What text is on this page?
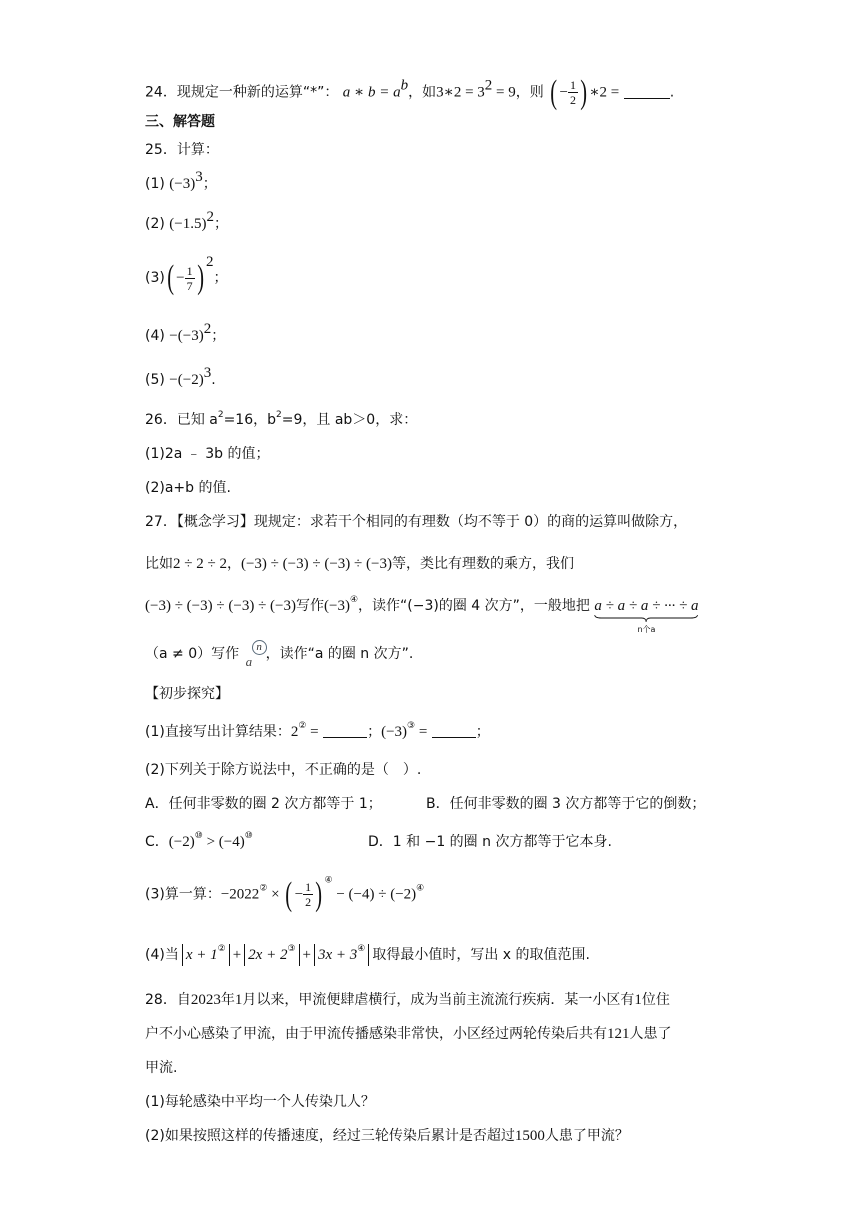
24．现规定一种新的运算“*”： a ∗ $b = a^b$，如3∗2 = $3^2 = 9$，则 ( − $\frac{1}{2}$ ) ∗2 =	.
三、解答题
25．计算：
(1) $(-3)^3$；
(2) $(-1.5)^2$；
$(3)( - \frac{1}{7}$ ) $^2$；
$(4) -(-3)^2$；
$(5) -(-2)^3$.
26．已知 $a^2=16$，$b^2=9$，且 ab＞0，求：
(1)2a ﹣ 3b 的值；
(2)a+b 的值.
27．【概念学习】现规定：求若干个相同的有理数（均不等于 0）的商的运算叫做除方，
比如2 ÷ 2 ÷ 2，(−3) ÷ (−3) ÷ (−3) ÷ (−3)等，类比有理数的乘方，我们
(−3) ÷ (−3) ÷ (−3) ÷ (−3)写作(−3)④，读作“(−3)的圈 4 次方”，一般地把 a ÷ a ÷ a ÷ ··· ÷ a
n个a
（a ≠ 0）写作 a
n ，读作“a 的圈 n 次方”.
【初步探究】
(1)直接写出计算结果：2② =	；(−3)③ =	；
(2)下列关于除方说法中，不正确的是（　）.
A．任何非零数的圈 2 次方都等于 1；	B．任何非零数的圈 3 次方都等于它的倒数；
C．(−2)⑩ > (−4)⑩	D．1 和 −1 的圈 n 次方都等于它本身.
(3)算一算：−2022② × ( − $\frac{1}{2}$ ) ④ − (−4) ÷ (−2)④
(4)当 x + 1② + 2x + 2③ + 3x + 3④ 取得最小值时，写出 x 的取值范围.
28．自2023年1月以来，甲流便肆虐横行，成为当前主流流行疾病．某一小区有1位住
户不小心感染了甲流，由于甲流传播感染非常快，小区经过两轮传染后共有121人患了
甲流.
(1)每轮感染中平均一个人传染几人？
(2)如果按照这样的传播速度，经过三轮传染后累计是否超过1500人患了甲流？
